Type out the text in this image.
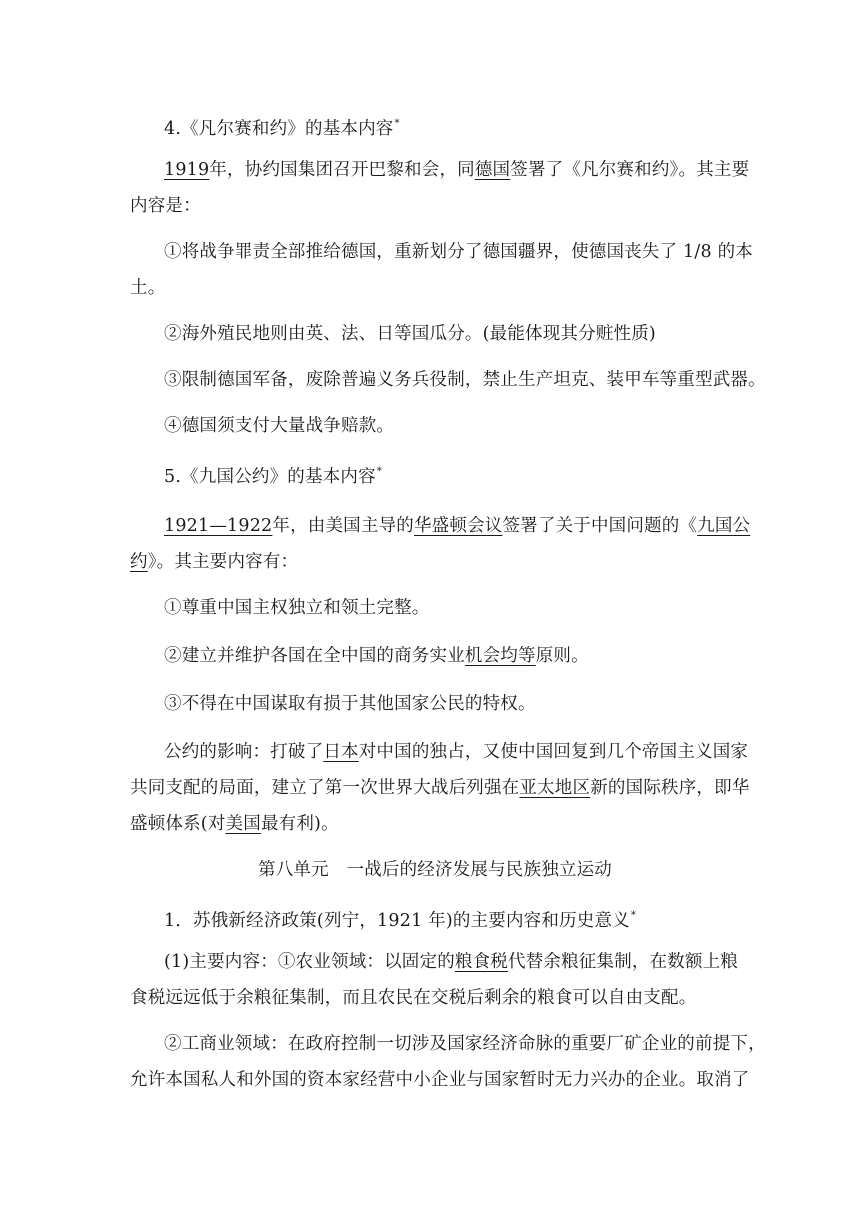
4.《凡尔赛和约》的基本内容*
1919年，协约国集团召开巴黎和会，同德国签署了《凡尔赛和约》。其主要
内容是：
①将战争罪责全部推给德国，重新划分了德国疆界，使德国丧失了 1/8 的本
土。
②海外殖民地则由英、法、日等国瓜分。(最能体现其分赃性质)
③限制德国军备，废除普遍义务兵役制，禁止生产坦克、装甲车等重型武器。
④德国须支付大量战争赔款。
5.《九国公约》的基本内容*
1921—1922年，由美国主导的华盛顿会议签署了关于中国问题的《九国公
约》。其主要内容有：
①尊重中国主权独立和领土完整。
②建立并维护各国在全中国的商务实业机会均等原则。
③不得在中国谋取有损于其他国家公民的特权。
公约的影响：打破了日本对中国的独占，又使中国回复到几个帝国主义国家
共同支配的局面，建立了第一次世界大战后列强在亚太地区新的国际秩序，即华
盛顿体系(对美国最有利)。
第八单元　一战后的经济发展与民族独立运动
1．苏俄新经济政策(列宁，1921 年)的主要内容和历史意义*
(1)主要内容：①农业领域：以固定的粮食税代替余粮征集制，在数额上粮
食税远远低于余粮征集制，而且农民在交税后剩余的粮食可以自由支配。
②工商业领域：在政府控制一切涉及国家经济命脉的重要厂矿企业的前提下，
允许本国私人和外国的资本家经营中小企业与国家暂时无力兴办的企业。取消了
